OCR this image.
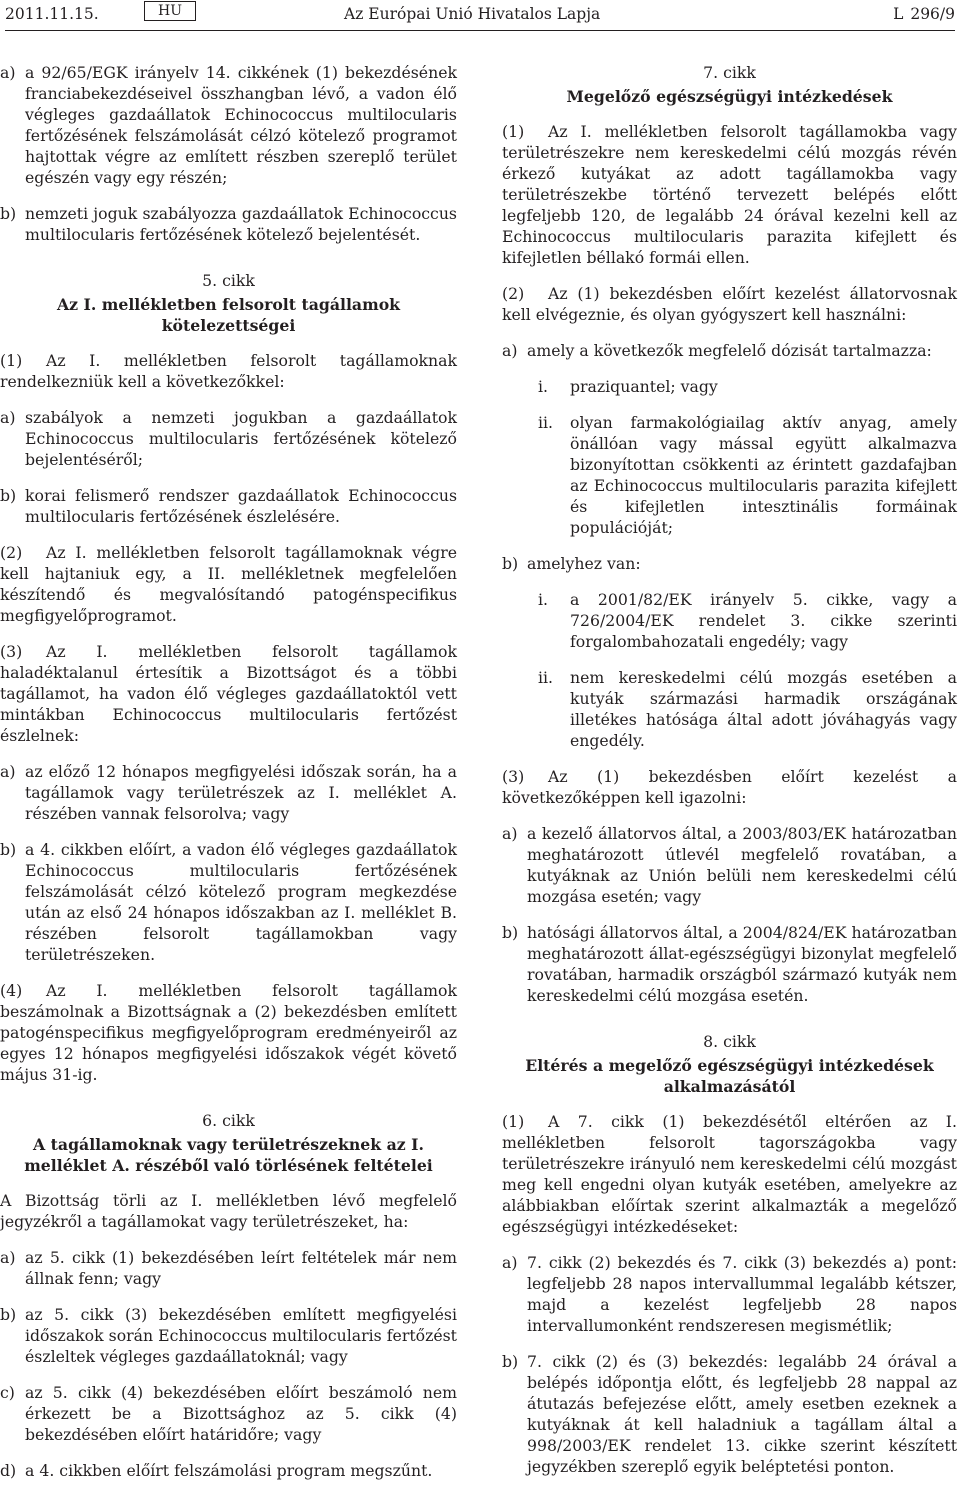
2011.11.15.	HU	Az Európai Unió Hivatalos Lapja	L 296/9
a) a 92/65/EGK irányelv 14. cikkének (1) bekezdésének franciabekezdéseivel összhangban lévő, a vadon élő végleges gazdaállatok Echinococcus multilocularis fertőzésének felszámolását célzó kötelező programot hajtottak végre az említett részben szereplő terület egészén vagy egy részén;
b) nemzeti joguk szabályozza gazdaállatok Echinococcus multilocularis fertőzésének kötelező bejelentését.
5. cikk
Az I. mellékletben felsorolt tagállamok kötelezettségei

(1) Az I. mellékletben felsorolt tagállamoknak rendelkezniük kell a következőkkel:

a) szabályok a nemzeti jogukban a gazdaállatok Echinococcus multilocularis fertőzésének kötelező bejelentéséről;
b) korai felismerő rendszer gazdaállatok Echinococcus multilocularis fertőzésének észlelésére.

(2) Az I. mellékletben felsorolt tagállamoknak végre kell hajtaniuk egy, a II. mellékletnek megfelelően készítendő és megvalósítandó patogénspecifikus megfigyelőprogramot.

(3) Az I. mellékletben felsorolt tagállamok haladéktalanul értesítik a Bizottságot és a többi tagállamot, ha vadon élő végleges gazdaállatoktól vett mintákban Echinococcus multilocularis fertőzést észlelnek:

a) az előző 12 hónapos megfigyelési időszak során, ha a tagállamok vagy területrészek az I. melléklet A. részében vannak felsorolva; vagy
b) a 4. cikkben előírt, a vadon élő végleges gazdaállatok Echinococcus multilocularis fertőzésének felszámolását célzó kötelező program megkezdése után az első 24 hónapos időszakban az I. melléklet B. részében felsorolt tagállamokban vagy területrészeken.

(4) Az I. mellékletben felsorolt tagállamok beszámolnak a Bizottságnak a (2) bekezdésben említett patogénspecifikus megfigyelőprogram eredményeiről az egyes 12 hónapos megfigyelési időszakok végét követő május 31-ig.

6. cikk
A tagállamoknak vagy területrészeknek az I. melléklet A. részéből való törlésének feltételei

A Bizottság törli az I. mellékletben lévő megfelelő jegyzékről a tagállamokat vagy területrészeket, ha:

a) az 5. cikk (1) bekezdésében leírt feltételek már nem állnak fenn; vagy
b) az 5. cikk (3) bekezdésében említett megfigyelési időszakok során Echinococcus multilocularis fertőzést észleltek végleges gazdaállatoknál; vagy
c) az 5. cikk (4) bekezdésében előírt beszámoló nem érkezett be a Bizottsághoz az 5. cikk (4) bekezdésében előírt határidőre; vagy
d) a 4. cikkben előírt felszámolási program megszűnt.
7. cikk
Megelőző egészségügyi intézkedések

(1) Az I. mellékletben felsorolt tagállamokba vagy területrészekre nem kereskedelmi célú mozgás révén érkező kutyákat az adott tagállamokba vagy területrészekbe történő tervezett belépés előtt legfeljebb 120, de legalább 24 órával kezelni kell az Echinococcus multilocularis parazita kifejlett és kifejletlen béllakó formái ellen.

(2) Az (1) bekezdésben előírt kezelést állatorvosnak kell elvégeznie, és olyan gyógyszert kell használni:

a) amely a következők megfelelő dózisát tartalmazza:
i. praziquantel; vagy
ii. olyan farmakológiailag aktív anyag, amely önállóan vagy mással együtt alkalmazva bizonyítottan csökkenti az érintett gazdafajban az Echinococcus multilocularis parazita kifejlett és kifejletlen intesztinális formáinak populációját;
b) amelyhez van:
i. a 2001/82/EK irányelv 5. cikke, vagy a 726/2004/EK rendelet 3. cikke szerinti forgalombahozatali engedély; vagy
ii. nem kereskedelmi célú mozgás esetében a kutyák származási harmadik országának illetékes hatósága által adott jóváhagyás vagy engedély.

(3) Az (1) bekezdésben előírt kezelést a következőképpen kell igazolni:

a) a kezelő állatorvos által, a 2003/803/EK határozatban meghatározott útlevél megfelelő rovatában, a kutyáknak az Unión belüli nem kereskedelmi célú mozgása esetén; vagy
b) hatósági állatorvos által, a 2004/824/EK határozatban meghatározott állat-egészségügyi bizonylat megfelelő rovatában, harmadik országból származó kutyák nem kereskedelmi célú mozgása esetén.
8. cikk
Eltérés a megelőző egészségügyi intézkedések alkalmazásától

(1) A 7. cikk (1) bekezdésétől eltérően az I. mellékletben felsorolt tagországokba vagy területrészekre irányuló nem kereskedelmi célú mozgást meg kell engedni olyan kutyák esetében, amelyekre az alábbiakban előírtak szerint alkalmazták a megelőző egészségügyi intézkedéseket:

a) 7. cikk (2) bekezdés és 7. cikk (3) bekezdés a) pont: legfeljebb 28 napos intervallummal legalább kétszer, majd a kezelést legfeljebb 28 napos intervallumonként rendszeresen megismétlik;
b) 7. cikk (2) és (3) bekezdés: legalább 24 órával a belépés időpontja előtt, és legfeljebb 28 nappal az átutazás befejezése előtt, amely esetben ezeknek a kutyáknak át kell haladniuk a tagállam által a 998/2003/EK rendelet 13. cikke szerint készített jegyzékben szereplő egyik beléptetési ponton.
